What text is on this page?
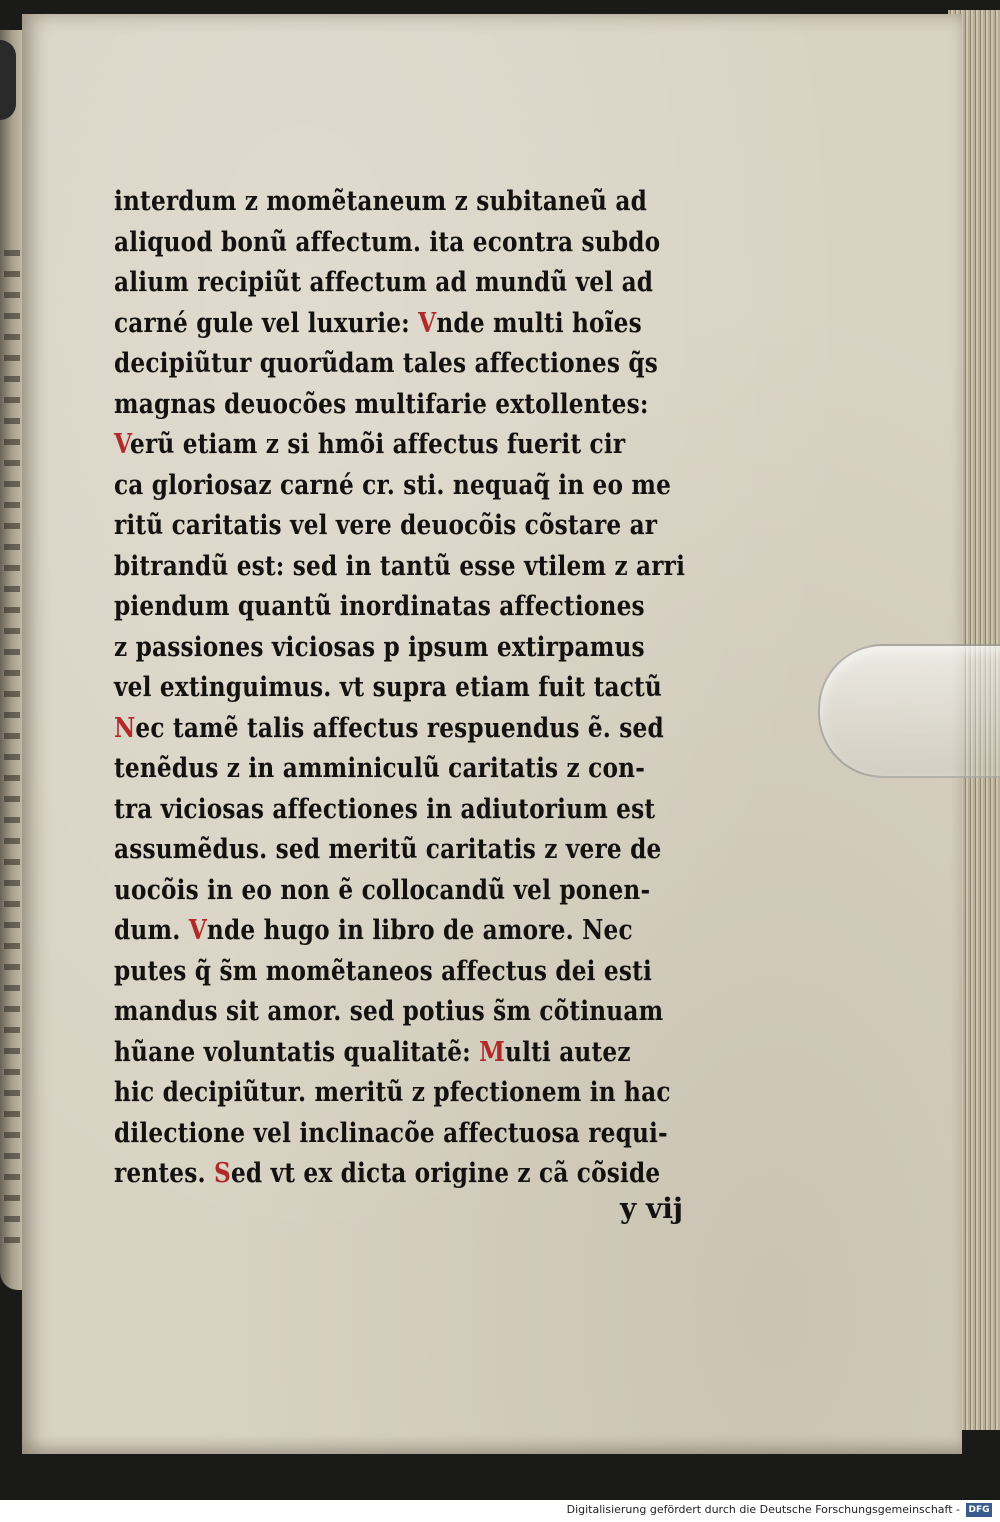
interdum z momẽtaneum z subitaneũ ad
aliquod bonũ affectum. ita econtra subdo
alium recipiũt affectum ad mundũ vel ad
carné gule vel luxurie: Vnde multi hoĩes
decipiũtur quorũdam tales affectiones q̃s
magnas deuocões multifarie extollentes:
Verũ etiam z si hmõi affectus fuerit cir
ca gloriosaz carné cr. sti. nequaq̃ in eo me
ritũ caritatis vel vere deuocõis cõstare ar
bitrandũ est: sed in tantũ esse vtilem z arri
piendum quantũ inordinatas affectiones
z passiones viciosas p ipsum extirpamus
vel extinguimus. vt supra etiam fuit tactũ
Nec tamẽ talis affectus respuendus ẽ. sed
tenẽdus z in amminiculũ caritatis z con-
tra viciosas affectiones in adiutorium est
assumẽdus. sed meritũ caritatis z vere de
uocõis in eo non ẽ collocandũ vel ponen-
dum. Vnde hugo in libro de amore. Nec
putes q̃ s̃m momẽtaneos affectus dei esti
mandus sit amor. sed potius s̃m cõtinuam
hũane voluntatis qualitatẽ: Multi autez
hic decipiũtur. meritũ z pfectionem in hac
dilectione vel inclinacõe affectuosa requi-
rentes. Sed vt ex dicta origine z cã cõside
y vij
Digitalisierung gefördert durch die Deutsche Forschungsgemeinschaft - DFG
